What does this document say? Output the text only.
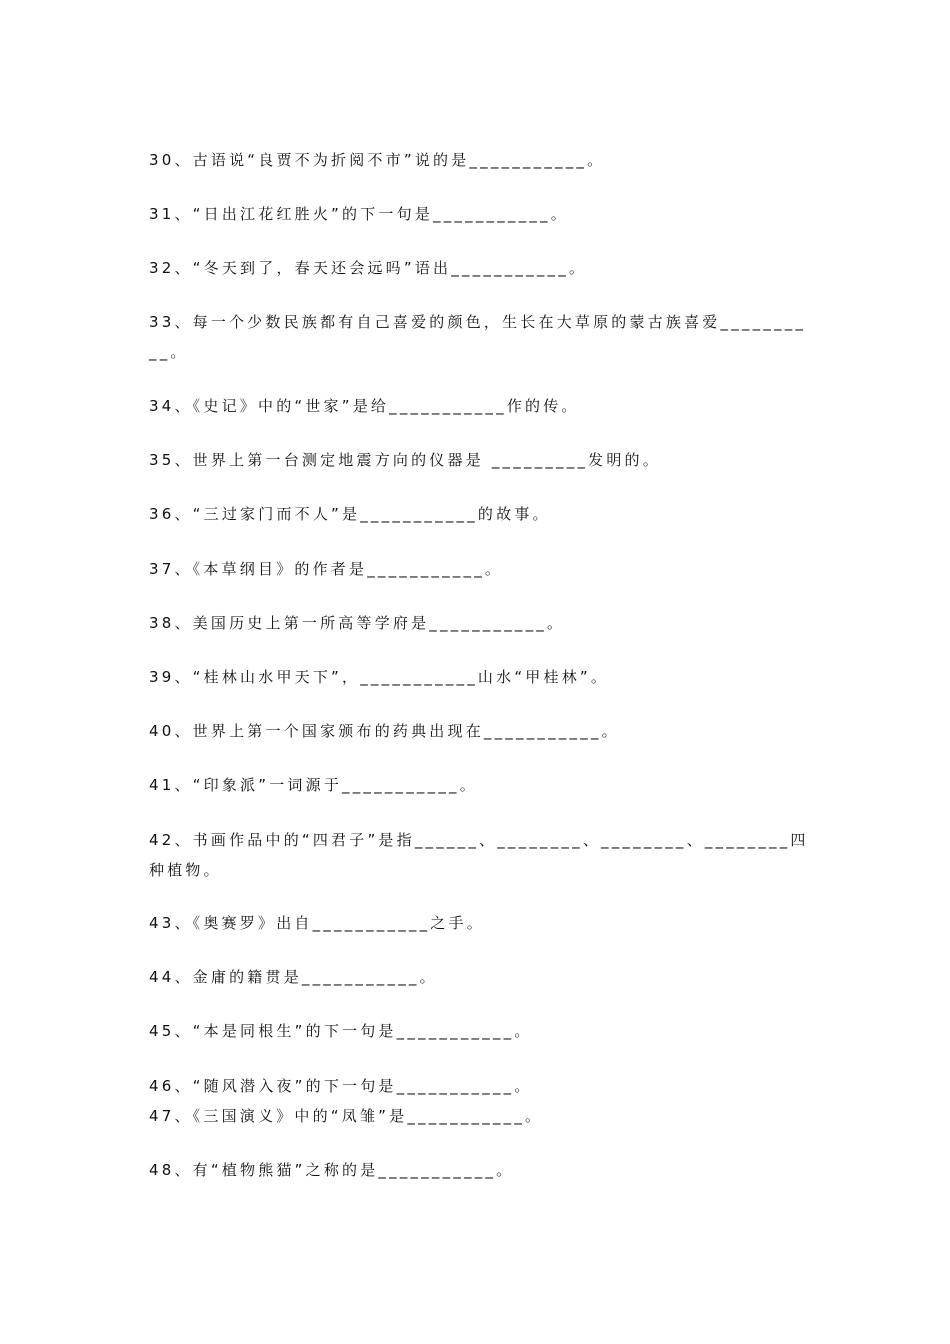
30、古语说“良贾不为折阅不市”说的是___________。
31、“日出江花红胜火”的下一句是___________。
32、“冬天到了，春天还会远吗”语出___________。
33、每一个少数民族都有自己喜爱的颜色，生长在大草原的蒙古族喜爱__________。
34、《史记》中的“世家”是给___________作的传。
35、世界上第一台测定地震方向的仪器是 _________发明的。
36、“三过家门而不人”是___________的故事。
37、《本草纲目》的作者是___________。
38、美国历史上第一所高等学府是___________。
39、“桂林山水甲天下”，___________山水“甲桂林”。
40、世界上第一个国家颁布的药典出现在___________。
41、“印象派”一词源于___________。
42、书画作品中的“四君子”是指______、________、________、________四种植物。
43、《奥赛罗》出自___________之手。
44、金庸的籍贯是___________。
45、“本是同根生”的下一句是___________。
46、“随风潜入夜”的下一句是___________。
47、《三国演义》中的“凤雏”是___________。
48、有“植物熊猫”之称的是___________。
